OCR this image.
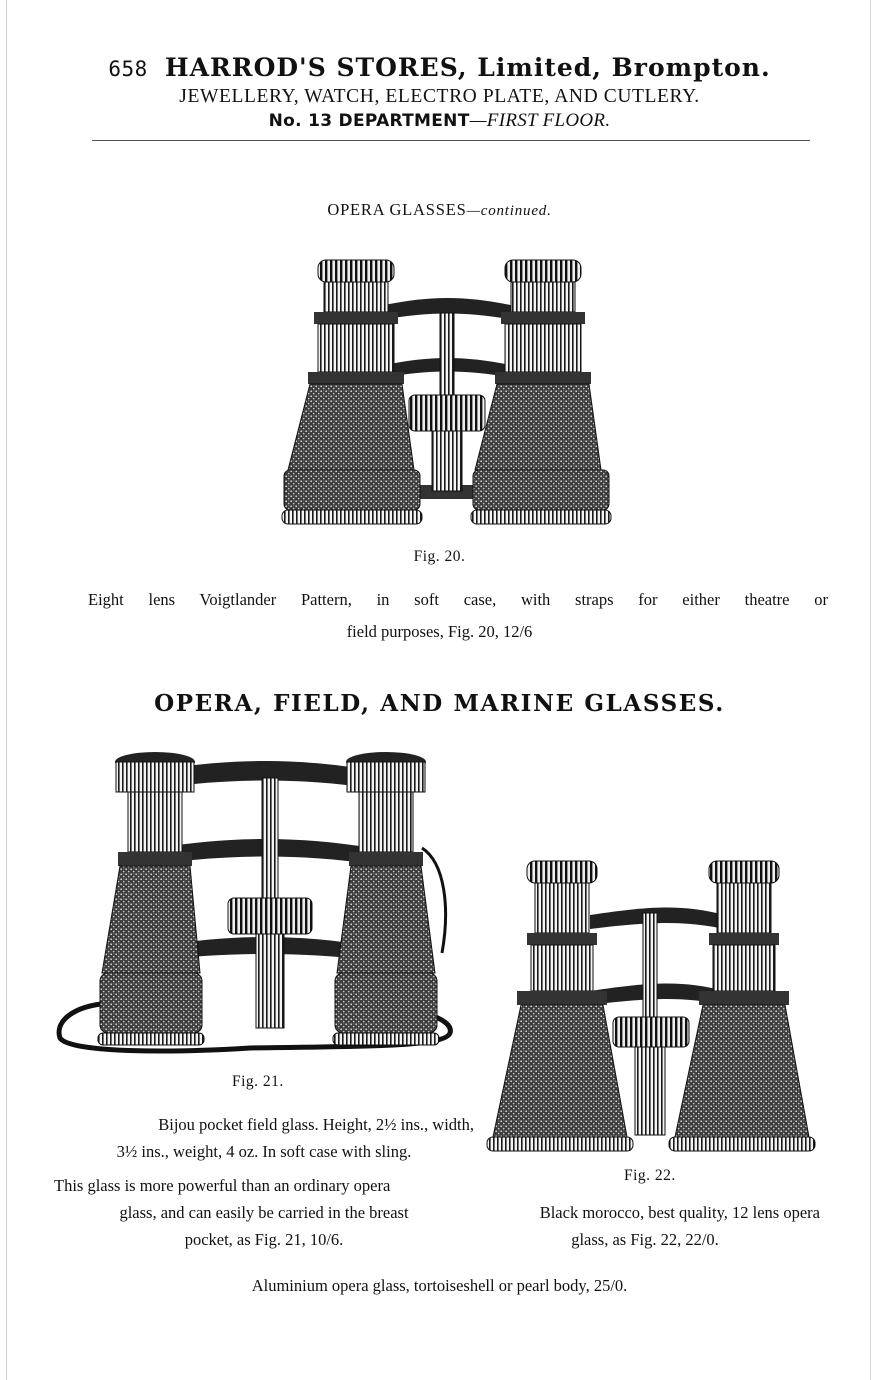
658 HARROD'S STORES, Limited, Brompton.
JEWELLERY, WATCH, ELECTRO PLATE, AND CUTLERY.
No. 13 DEPARTMENT—FIRST FLOOR.
OPERA GLASSES—continued.
Fig. 20.
Eight lens Voigtlander Pattern, in soft case, with straps for either theatre or
field purposes, Fig. 20, 12/6
OPERA, FIELD, AND MARINE GLASSES.
Fig. 21.
Bijou pocket field glass. Height, 2½ ins., width,
3½ ins., weight, 4 oz. In soft case with sling.
This glass is more powerful than an ordinary opera
glass, and can easily be carried in the breast
pocket, as Fig. 21, 10/6.
Fig. 22.
Black morocco, best quality, 12 lens opera
glass, as Fig. 22, 22/0.
Aluminium opera glass, tortoiseshell or pearl body, 25/0.
